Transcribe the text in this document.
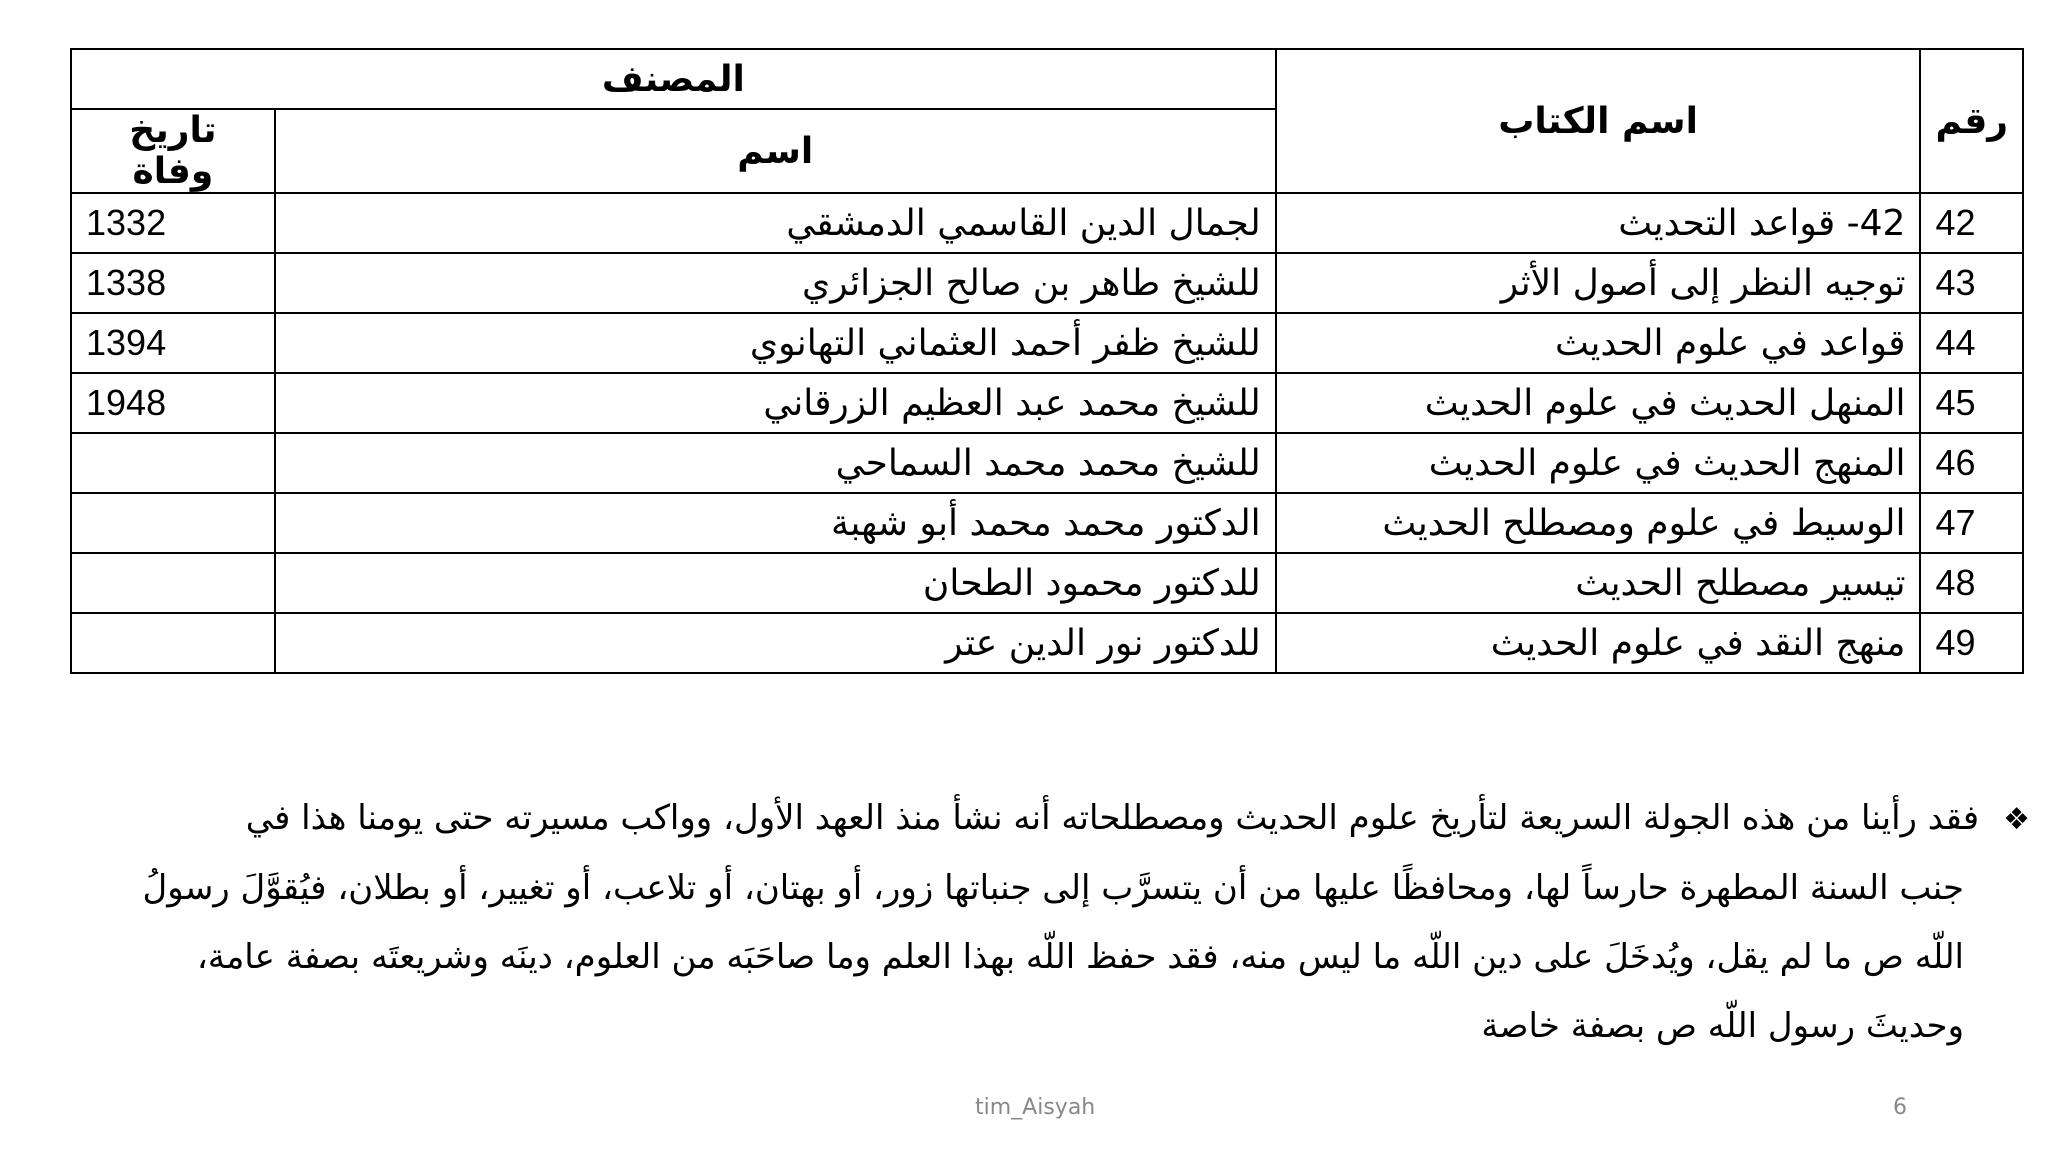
رقم	اسم الكتاب	المصنف	
		اسم	تاريخ وفاة
42	42- قواعد التحديث	لجمال الدين القاسمي الدمشقي	1332
43	توجيه النظر إلى أصول الأثر	للشيخ طاهر بن صالح الجزائري	1338
44	قواعد في علوم الحديث	للشيخ ظفر أحمد العثماني التهانوي	1394
45	المنهل الحديث في علوم الحديث	للشيخ محمد عبد العظيم الزرقاني	1948
46	المنهج الحديث في علوم الحديث	للشيخ محمد محمد السماحي	
47	الوسيط في علوم ومصطلح الحديث	الدكتور محمد محمد أبو شهبة	
48	تيسير مصطلح الحديث	للدكتور محمود الطحان	
49	منهج النقد في علوم الحديث	للدكتور نور الدين عتر	
❖فقد رأينا من هذه الجولة السريعة لتأريخ علوم الحديث ومصطلحاته أنه نشأ منذ العهد الأول، وواكب مسيرته حتى يومنا هذا في
جنب السنة المطهرة حارساً لها، ومحافظًا عليها من أن يتسرَّب إلى جنباتها زور، أو بهتان، أو تلاعب، أو تغيير، أو بطلان، فيُقوَّلَ رسولُ
اللّه ص ما لم يقل، ويُدخَلَ على دين اللّه ما ليس منه، فقد حفظ اللّه بهذا العلم وما صاحَبَه من العلوم، دينَه وشريعتَه بصفة عامة،
وحديثَ رسول اللّه ص بصفة خاصة
tim_Aisyah	6
